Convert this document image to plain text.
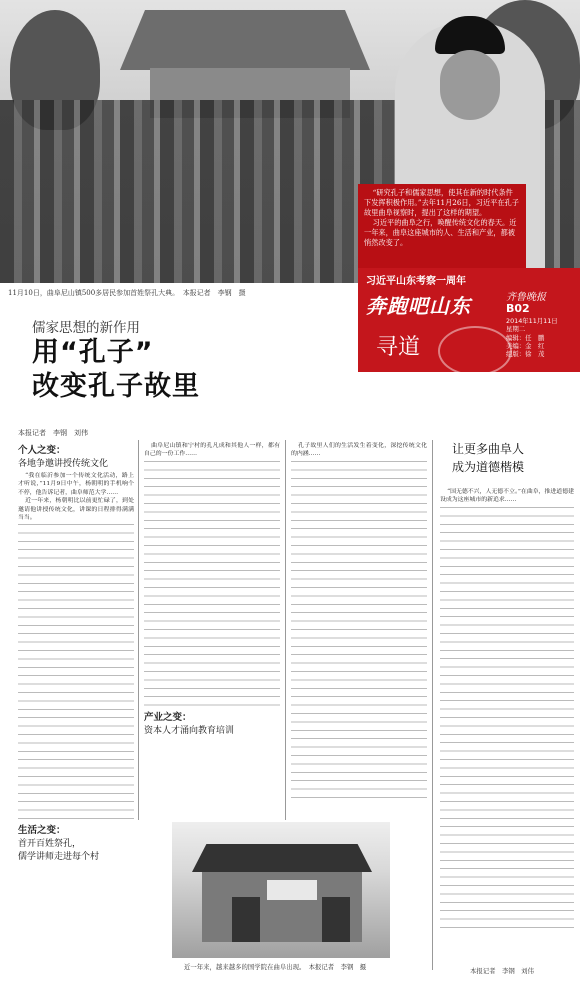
11月10日，曲阜尼山镇500多居民参加首姓祭孔大典。　 本报记者　李钢　摄

“研究孔子和儒家思想，使其在新的时代条件下发挥积极作用。”去年11月26日，习近平在孔子故里曲阜视察时，提出了这样的期望。

习近平的曲阜之行，唤醒传统文化的春天。近一年来，曲阜这座城市的人、生活和产业，都被悄然改变了。

习近平山东考察一周年
奔跑吧山东
寻道
齐鲁晚报
B02
2014年11月11日
星期二
编辑：任　鹏
美编：金　红
组版：徐　茂
儒家思想的新作用
用“孔子”
改变孔子故里
本报记者　李钢　刘伟
个人之变：
各地争邀讲授传统文化

“我在临沂参加一个传统文化活动，路上才听说，”11月9日中午，杨朝明的手机响个不停，他告诉记者，曲阜师范大学……

近一年来，杨朝明比以前更忙碌了，到处邀请他讲授传统文化，讲课的日程排得满满当当。

生活之变：
首开百姓祭孔，
儒学讲师走进每个村

曲阜尼山镇和宁村的孔凡成和其他人一样，都有自己的一份工作……

产业之变：
资本人才涌向教育培训

孔子故里人们的生活发生着变化，深挖传统文化的内涵……	让更多曲阜人
成为道德楷模

“国无德不兴，人无德不立。”在曲阜，推进道德建设成为这座城市的新追求……

近一年来，越来越多的国学院在曲阜出现。　 本报记者　李钢　摄	本报记者　李钢　刘伟
